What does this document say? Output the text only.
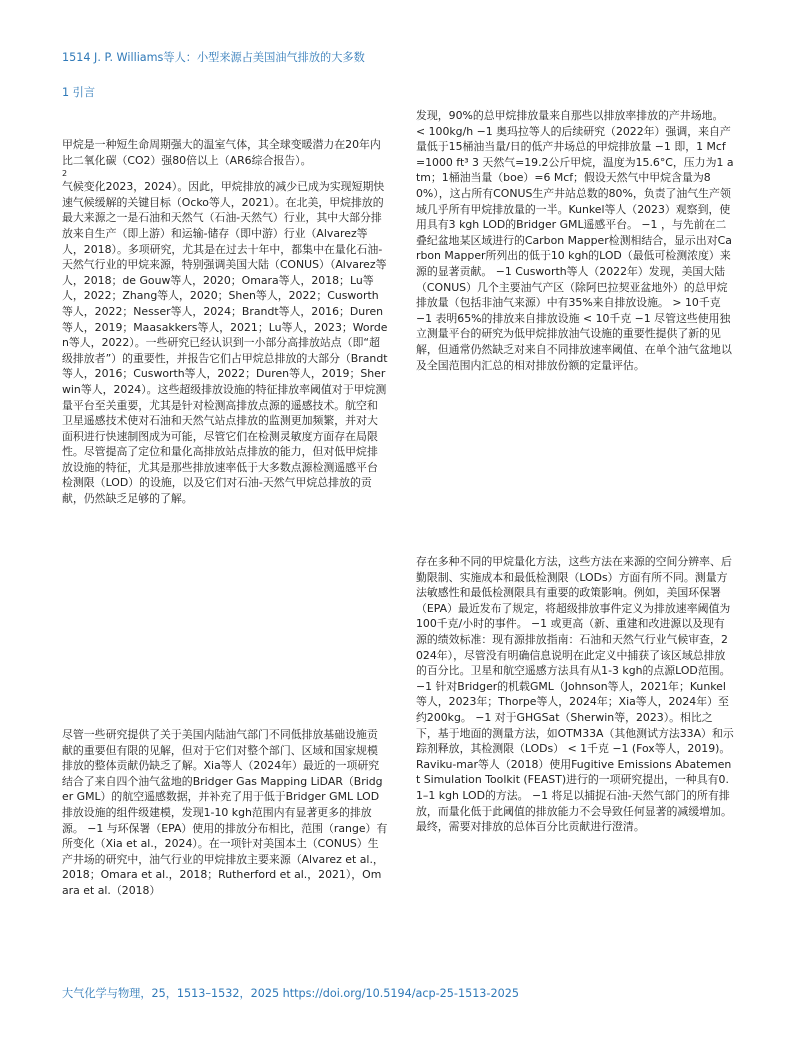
1514 J. P. Williams等人：小型来源占美国油气排放的大多数
1 引言

甲烷是一种短生命周期强大的温室气体，其全球变暖潜力在20年内比二氧化碳（CO2）强80倍以上（AR6综合报告）。

2

气候变化2023，2024）。因此，甲烷排放的减少已成为实现短期快速气候缓解的关键目标（Ocko等人，2021）。在北美，甲烷排放的最大来源之一是石油和天然气（石油-天然气）行业，其中大部分排放来自生产（即上游）和运输-储存（即中游）行业（Alvarez等人，2018）。多项研究，尤其是在过去十年中，都集中在量化石油-天然气行业的甲烷来源，特别强调美国大陆（CONUS）（Alvarez等人，2018；de Gouw等人，2020；Omara等人，2018；Lu等人，2022；Zhang等人，2020；Shen等人，2022；Cusworth等人，2022；Nesser等人，2024；Brandt等人，2016；Duren等人，2019；Maasakkers等人，2021；Lu等人，2023；Worden等人，2022）。一些研究已经认识到一小部分高排放站点（即“超级排放者”）的重要性，并报告它们占甲烷总排放的大部分（Brandt等人，2016；Cusworth等人，2022；Duren等人，2019；Sherwin等人，2024）。这些超级排放设施的特征排放率阈值对于甲烷测量平台至关重要，尤其是针对检测高排放点源的遥感技术。航空和卫星遥感技术使对石油和天然气站点排放的监测更加频繁，并对大面积进行快速制图成为可能，尽管它们在检测灵敏度方面存在局限性。尽管提高了定位和量化高排放站点排放的能力，但对低甲烷排放设施的特征，尤其是那些排放速率低于大多数点源检测遥感平台检测限（LOD）的设施，以及它们对石油-天然气甲烷总排放的贡献，仍然缺乏足够的了解。

尽管一些研究提供了关于美国内陆油气部门不同低排放基础设施贡献的重要但有限的见解，但对于它们对整个部门、区域和国家规模排放的整体贡献仍缺乏了解。Xia等人（2024年）最近的一项研究结合了来自四个油气盆地的Bridger Gas Mapping LiDAR（Bridger GML）的航空遥感数据，并补充了用于低于Bridger GML LOD排放设施的组件级建模，发现1-10 kgh范围内有显著更多的排放源。 −1 与环保署（EPA）使用的排放分布相比，范围（range）有所变化（Xia et al.，2024）。在一项针对美国本土（CONUS）生产井场的研究中，油气行业的甲烷排放主要来源（Alvarez et al.，2018；Omara et al.，2018；Rutherford et al.，2021），Omara et al.（2018）

发现，90%的总甲烷排放量来自那些以排放率排放的产井场地。 < 100kg/h −1 奥玛拉等人的后续研究（2022年）强调，来自产量低于15桶油当量/日的低产井场总的甲烷排放量 −1 即，1 Mcf=1000 ft³ 3 天然气=19.2公斤甲烷，温度为15.6°C，压力为1 atm；1桶油当量（boe）=6 Mcf；假设天然气中甲烷含量为80%），这占所有CONUS生产井站总数的80%，负责了油气生产领域几乎所有甲烷排放量的一半。Kunkel等人（2023）观察到，使用具有3 kgh LOD的Bridger GML遥感平台。 −1 ，与先前在二叠纪盆地某区域进行的Carbon Mapper检测相结合，显示出对Carbon Mapper所列出的低于10 kgh的LOD（最低可检测浓度）来源的显著贡献。 −1 Cusworth等人（2022年）发现，美国大陆（CONUS）几个主要油气产区（除阿巴拉契亚盆地外）的总甲烷排放量（包括非油气来源）中有35%来自排放设施。 > 10千克 −1 表明65%的排放来自排放设施 < 10千克 −1 尽管这些使用独立测量平台的研究为低甲烷排放油气设施的重要性提供了新的见解，但通常仍然缺乏对来自不同排放速率阈值、在单个油气盆地以及全国范围内汇总的相对排放份额的定量评估。

存在多种不同的甲烷量化方法，这些方法在来源的空间分辨率、后勤限制、实施成本和最低检测限（LODs）方面有所不同。测量方法敏感性和最低检测限具有重要的政策影响。例如，美国环保署（EPA）最近发布了规定，将超级排放事件定义为排放速率阈值为100千克/小时的事件。 −1 或更高（新、重建和改进源以及现有源的绩效标准：现有源排放指南：石油和天然气行业气候审查，2024年），尽管没有明确信息说明在此定义中捕获了该区域总排放的百分比。卫星和航空遥感方法具有从1-3 kgh的点源LOD范围。 −1 针对Bridger的机载GML（Johnson等人，2021年；Kunkel等人，2023年；Thorpe等人，2024年；Xia等人，2024年）至约200kg。 −1 对于GHGSat（Sherwin等，2023）。相比之下，基于地面的测量方法，如OTM33A（其他测试方法33A）和示踪剂释放，其检测限（LODs） < 1千克 −1 (Fox等人，2019)。Raviku-mar等人（2018）使用Fugitive Emissions Abatement Simulation Toolkit (FEAST)进行的一项研究提出，一种具有0.1–1 kgh LOD的方法。 −1 将足以捕捉石油-天然气部门的所有排放，而量化低于此阈值的排放能力不会导致任何显著的减缓增加。最终，需要对排放的总体百分比贡献进行澄清。

大气化学与物理，25，1513–1532，2025 https://doi.org/10.5194/acp-25-1513-2025
